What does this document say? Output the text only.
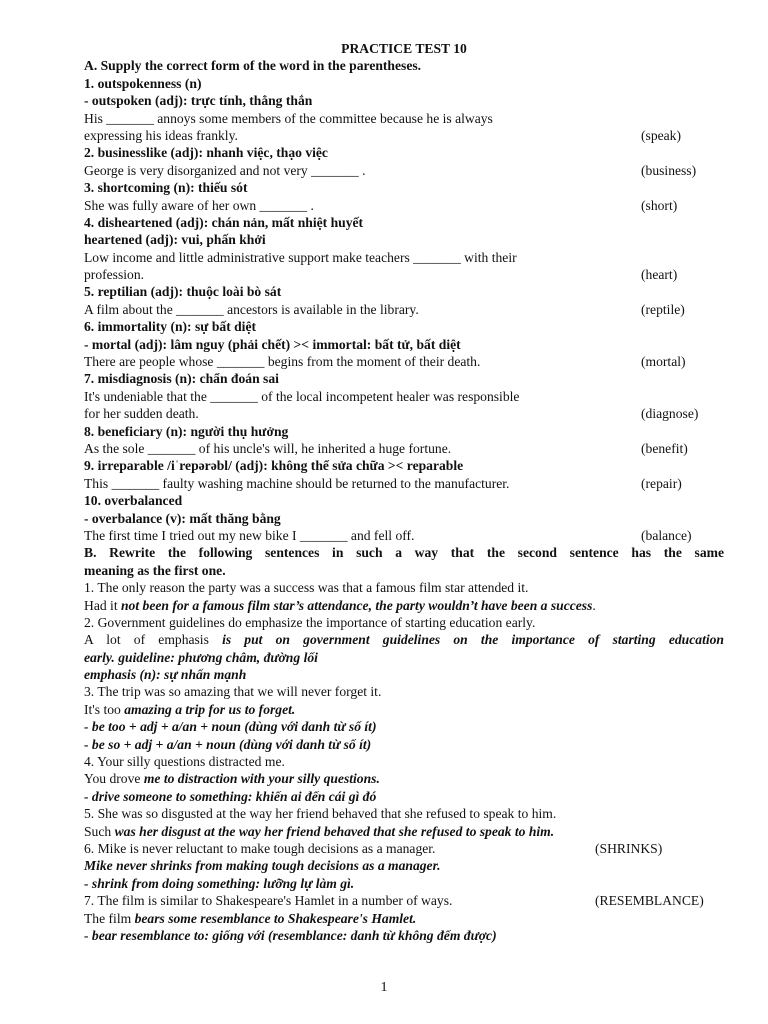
PRACTICE TEST 10
A. Supply the correct form of the word in the parentheses.
1. outspokenness (n)
- outspoken (adj): trực tính, thẳng thắn
His _______ annoys some members of the committee because he is always
expressing his ideas frankly.	(speak)
2. businesslike (adj): nhanh việc, thạo việc
George is very disorganized and not very _______ .	(business)
3. shortcoming (n): thiếu sót
She was fully aware of her own _______ .	(short)
4. disheartened (adj): chán nản, mất nhiệt huyết
heartened (adj): vui, phấn khởi
Low income and little administrative support make teachers _______ with their
profession.	(heart)
5. reptilian (adj): thuộc loài bò sát
A film about the _______ ancestors is available in the library.	(reptile)
6. immortality (n): sự bất diệt
- mortal (adj): lâm nguy (phải chết) >< immortal: bất tử, bất diệt
There are people whose _______ begins from the moment of their death.	(mortal)
7. misdiagnosis (n): chẩn đoán sai
It's undeniable that the _______ of the local incompetent healer was responsible
for her sudden death.	(diagnose)
8. beneficiary (n): người thụ hưởng
As the sole _______ of his uncle's will, he inherited a huge fortune.	(benefit)
9. irreparable /iˈrepərəbl/ (adj): không thể sửa chữa >< reparable
This _______ faulty washing machine should be returned to the manufacturer.	(repair)
10. overbalanced
- overbalance (v): mất thăng bằng
The first time I tried out my new bike I _______ and fell off.	(balance)
B. Rewrite the following sentences in such a way that the second sentence has the same
meaning as the first one.
1. The only reason the party was a success was that a famous film star attended it.
Had it not been for a famous film star’s attendance, the party wouldn’t have been a success.
2. Government guidelines do emphasize the importance of starting education early.
A lot of emphasis is put on government guidelines on the importance of starting education
early. guideline: phương châm, đường lối
emphasis (n): sự nhấn mạnh
3. The trip was so amazing that we will never forget it.
It's too amazing a trip for us to forget.
- be too + adj + a/an + noun (dùng với danh từ số ít)
- be so + adj + a/an + noun (dùng với danh từ số ít)
4. Your silly questions distracted me.
You drove me to distraction with your silly questions.
- drive someone to something: khiến ai đến cái gì đó
5. She was so disgusted at the way her friend behaved that she refused to speak to him.
Such was her disgust at the way her friend behaved that she refused to speak to him.
6. Mike is never reluctant to make tough decisions as a manager.	(SHRINKS)
Mike never shrinks from making tough decisions as a manager.
- shrink from doing something: lưỡng lự làm gì.
7. The film is similar to Shakespeare's Hamlet in a number of ways.	(RESEMBLANCE)
The film bears some resemblance to Shakespeare's Hamlet.
- bear resemblance to: giống với (resemblance: danh từ không đếm được)
1
